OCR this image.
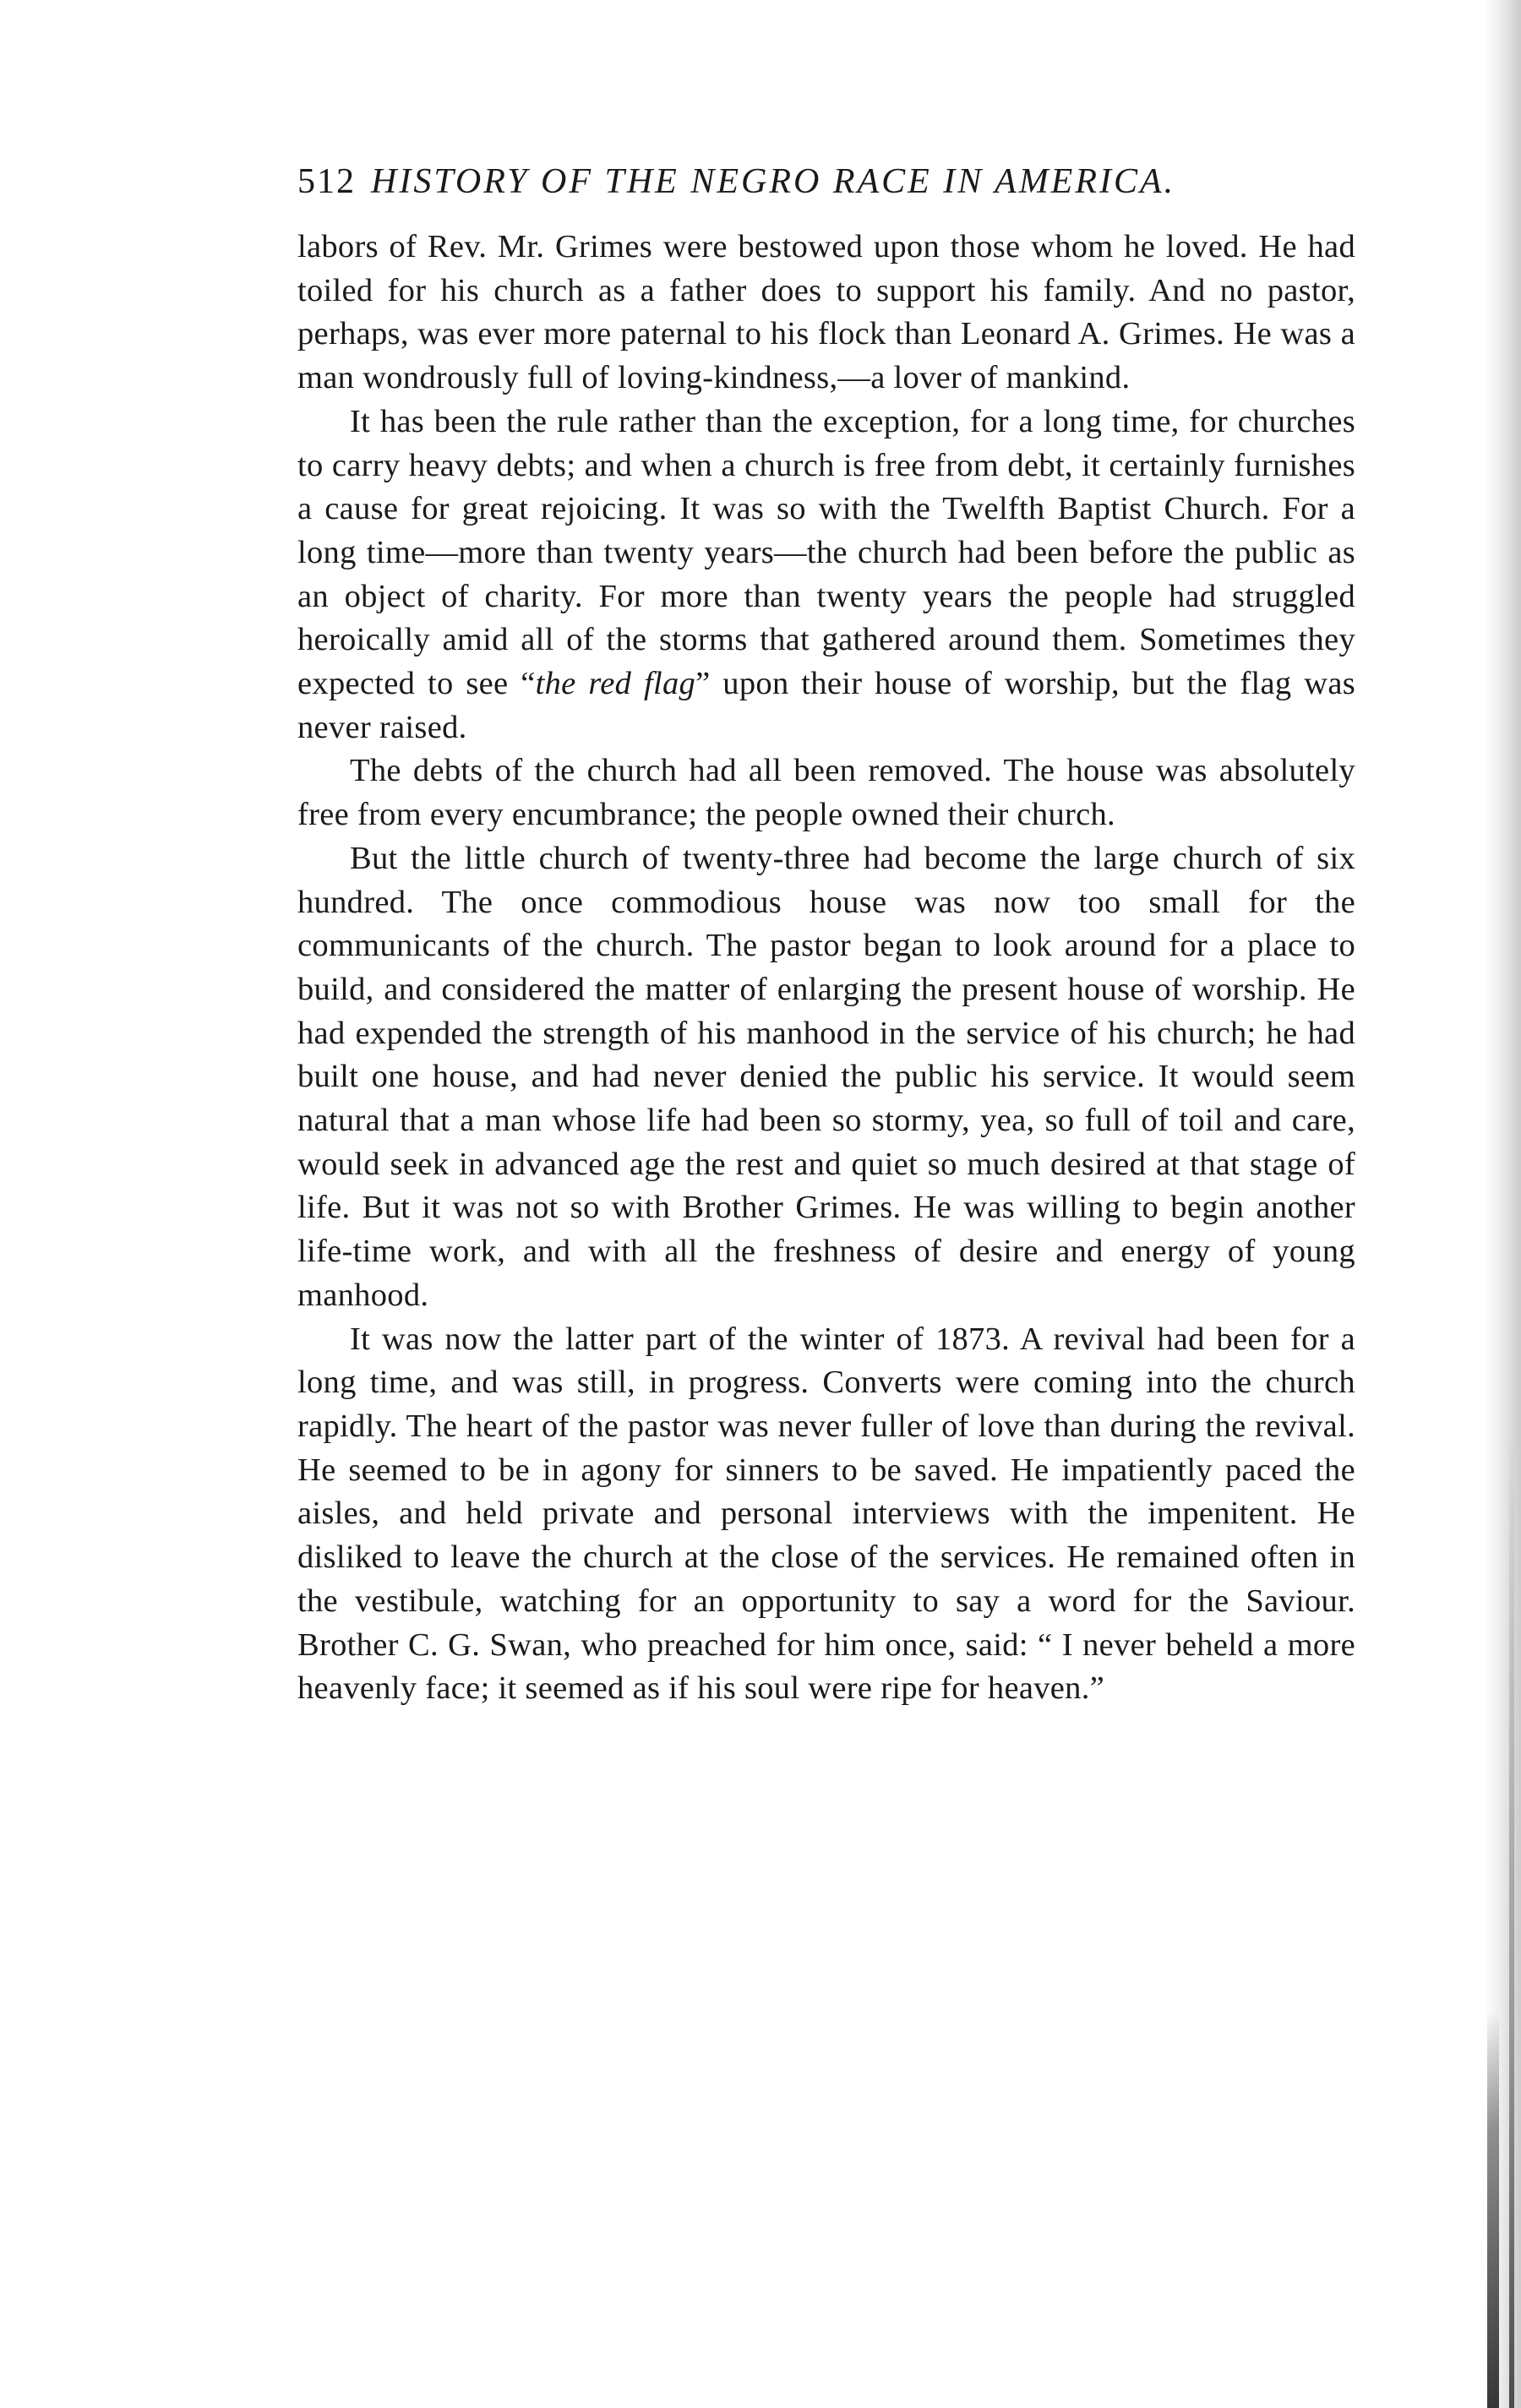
512 HISTORY OF THE NEGRO RACE IN AMERICA.

labors of Rev. Mr. Grimes were bestowed upon those whom he loved. He had toiled for his church as a father does to support his family. And no pastor, perhaps, was ever more paternal to his flock than Leonard A. Grimes. He was a man wondrously full of loving-kindness,—a lover of mankind.

It has been the rule rather than the exception, for a long time, for churches to carry heavy debts; and when a church is free from debt, it certainly furnishes a cause for great rejoicing. It was so with the Twelfth Baptist Church. For a long time—more than twenty years—the church had been before the public as an object of charity. For more than twenty years the people had struggled heroically amid all of the storms that gathered around them. Sometimes they expected to see “the red flag” upon their house of worship, but the flag was never raised.

The debts of the church had all been removed. The house was absolutely free from every encumbrance; the people owned their church.

But the little church of twenty-three had become the large church of six hundred. The once commodious house was now too small for the communicants of the church. The pastor began to look around for a place to build, and considered the matter of enlarging the present house of worship. He had expended the strength of his manhood in the service of his church; he had built one house, and had never denied the public his service. It would seem natural that a man whose life had been so stormy, yea, so full of toil and care, would seek in advanced age the rest and quiet so much desired at that stage of life. But it was not so with Brother Grimes. He was willing to begin another life-time work, and with all the freshness of desire and energy of young manhood.

It was now the latter part of the winter of 1873. A revival had been for a long time, and was still, in progress. Converts were coming into the church rapidly. The heart of the pastor was never fuller of love than during the revival. He seemed to be in agony for sinners to be saved. He impatiently paced the aisles, and held private and personal interviews with the impenitent. He disliked to leave the church at the close of the services. He remained often in the vestibule, watching for an opportunity to say a word for the Saviour. Brother C. G. Swan, who preached for him once, said: “ I never beheld a more heavenly face; it seemed as if his soul were ripe for heaven.”
